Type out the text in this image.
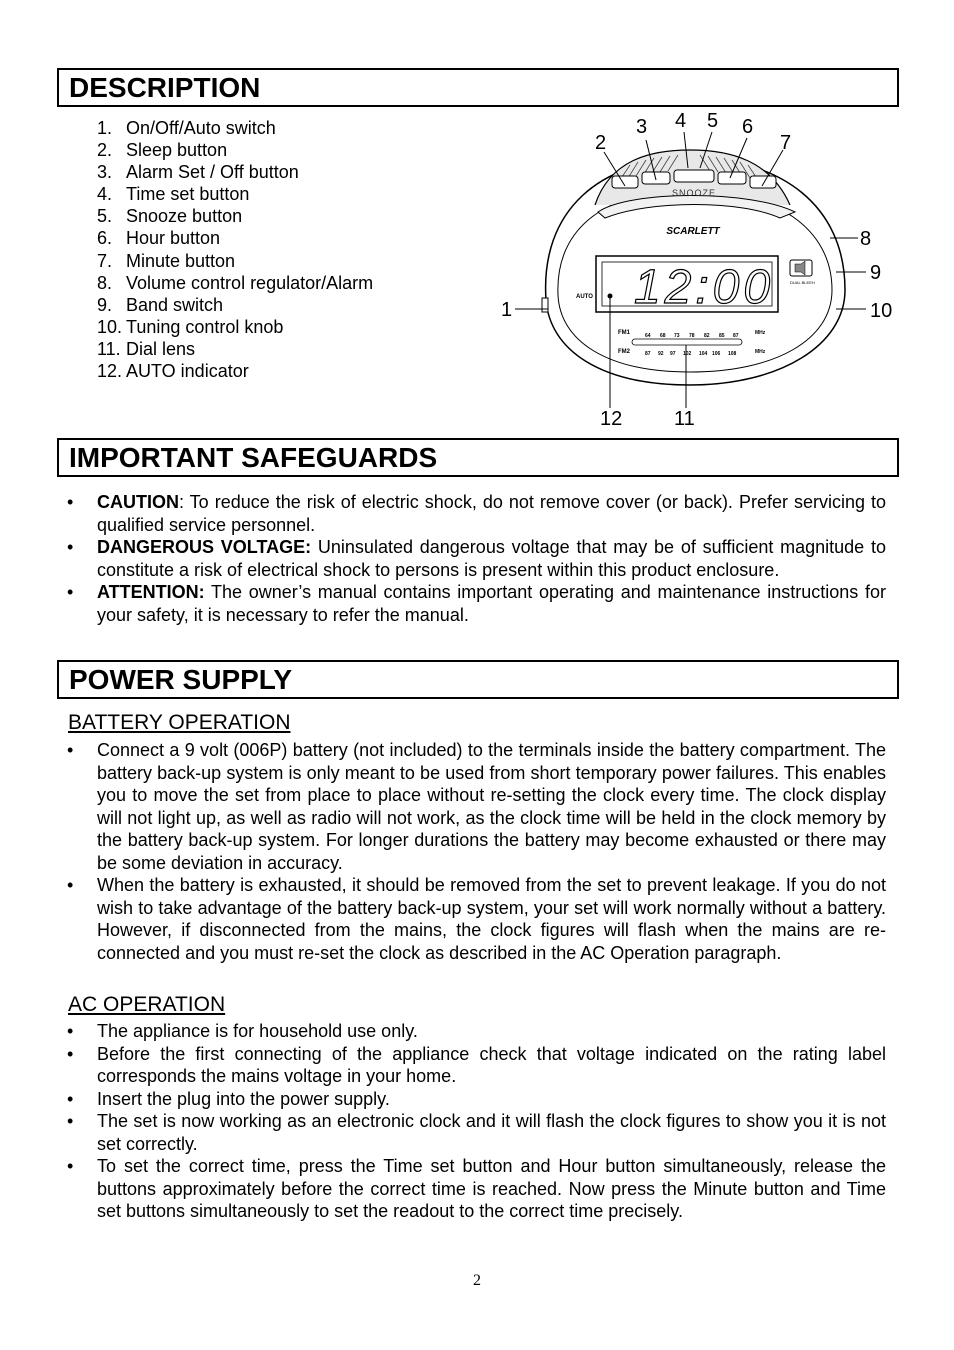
DESCRIPTION
1. On/Off/Auto switch
2. Sleep button
3. Alarm Set / Off button
4. Time set button
5. Snooze button
6. Hour button
7. Minute button
8. Volume control regulator/Alarm
9. Band switch
10. Tuning control knob
11. Dial lens
12. AUTO indicator
SNOOZE
SCARLETT
12:00
AUTO
DUAL BLEEH
FM1
FM2
MHz
MHz
64 68 73 78 82 85 87
87 92 97 102 104 106 108
1
2
3 4 5 6
7
8
9
10
11
12
IMPORTANT SAFEGUARDS
•	CAUTION: To reduce the risk of electric shock, do not remove cover (or back). Prefer servicing to qualified service personnel.
•	DANGEROUS VOLTAGE: Uninsulated dangerous voltage that may be of sufficient magnitude to constitute a risk of electrical shock to persons is present within this product enclosure.
•	ATTENTION: The owner’s manual contains important operating and maintenance instructions for your safety, it is necessary to refer the manual.
POWER SUPPLY
BATTERY OPERATION
•	Connect a 9 volt (006P) battery (not included) to the terminals inside the battery compartment. The battery back-up system is only meant to be used from short temporary power failures. This enables you to move the set from place to place without re-setting the clock every time. The clock display will not light up, as well as radio will not work, as the clock time will be held in the clock memory by the battery back-up system. For longer durations the battery may become exhausted or there may be some deviation in accuracy.
•	When the battery is exhausted, it should be removed from the set to prevent leakage. If you do not wish to take advantage of the battery back-up system, your set will work normally without a battery. However, if disconnected from the mains, the clock figures will flash when the mains are re-connected and you must re-set the clock as described in the AC Operation paragraph.
AC OPERATION
•	The appliance is for household use only.
•	Before the first connecting of the appliance check that voltage indicated on the rating label corresponds the mains voltage in your home.
•	Insert the plug into the power supply.
•	The set is now working as an electronic clock and it will flash the clock figures to show you it is not set correctly.
•	To set the correct time, press the Time set button and Hour button simultaneously, release the buttons approximately before the correct time is reached. Now press the Minute button and Time set buttons simultaneously to set the readout to the correct time precisely.
2
